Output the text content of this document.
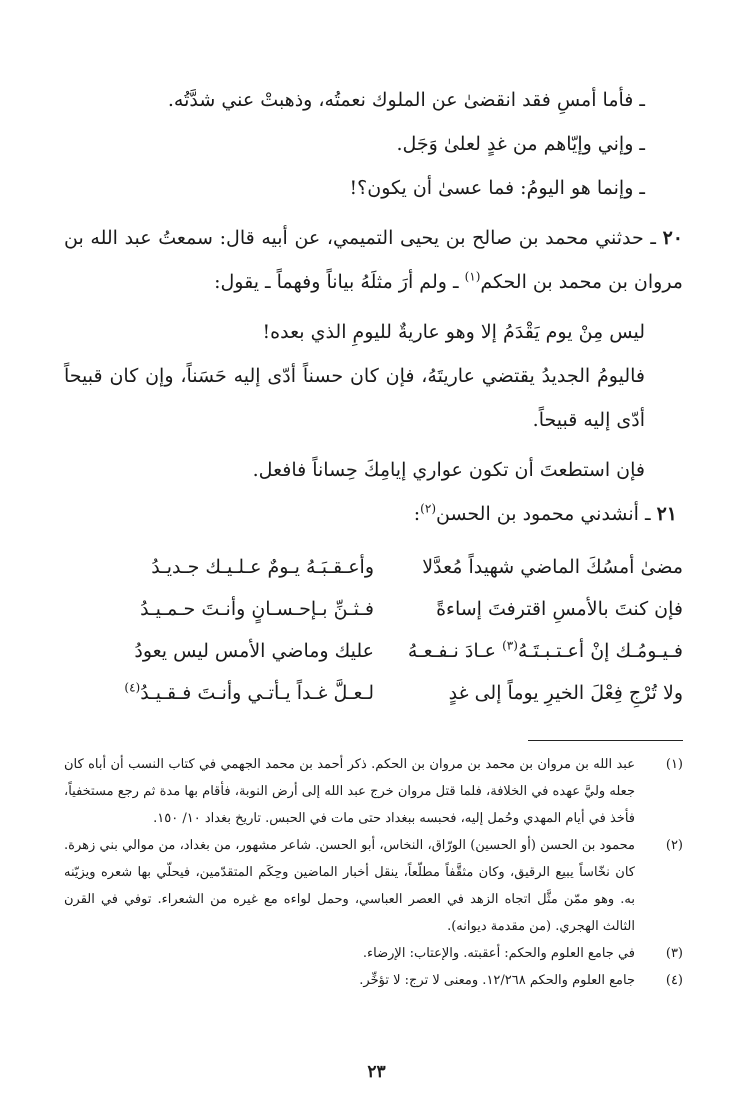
ـ فأما أمسِ فقد انقضىٰ عن الملوك نعمتُه، وذهبتْ عني شدَّتُه.
ـ وإني وإيّاهم من غدٍ لعلىٰ وَجَل.
ـ وإنما هو اليومُ: فما عسىٰ أن يكون؟!
٢٠ ـ حدثني محمد بن صالح بن يحيى التميمي، عن أبيه قال: سمعتُ عبد الله بن مروان بن محمد بن الحكم$^{(١)}$ ـ ولم أرَ مثلَهُ بياناً وفهماً ـ يقول:
ليس مِنْ يوم يَقْدَمُ إلا وهو عاريةٌ لليومِ الذي بعده!
فاليومُ الجديدُ يقتضي عاريتَهُ، فإن كان حسناً أدّى إليه حَسَناً، وإن كان قبيحاً أدّى إليه قبيحاً.
فإن استطعتَ أن تكون عواري إيامِكَ حِساناً فافعل.
٢١ ـ أنشدني محمود بن الحسن$^{(٢)}$:
مضىٰ أمسُكَ الماضي شهيداً مُعدَّلا
وأعـقـبَـهُ يـومٌ عـلـيـك جـديـدُ
فإن كنتَ بالأمسِ اقترفتَ إساءةً
فـثـنِّ بـإحـسـانٍ وأنـتَ حـمـيـدُ
فـيـومُـك إنْ أعـتـبـتَـهُ$^{(٣)}$ عـادَ نـفـعـهُ
عليك وماضي الأمس ليس يعودُ
ولا تُرْجِ فِعْلَ الخيرِ يوماً إلى غدٍ
لـعـلَّ غـداً يـأتـي وأنـتَ فـقـيـدُ$^{(٤)}$
(١)
عبد الله بن مروان بن محمد بن مروان بن الحكم. ذكر أحمد بن محمد الجهمي في كتاب النسب أن أباه كان جعله وليَّ عهده في الخلافة، فلما قتل مروان خرج عبد الله إلى أرض النوبة، فأقام بها مدة ثم رجع مستخفياً، فأخذ في أيام المهدي وحُمل إليه، فحبسه ببغداد حتى مات في الحبس. تاريخ بغداد ١٠/ ١٥٠.
(٢)
محمود بن الحسن (أو الحسين) الورّاق، النخاس، أبو الحسن. شاعر مشهور، من بغداد، من موالي بني زهرة. كان نخّاساً يبيع الرقيق، وكان مثقَّفاً مطلّعاً، ينقل أخبار الماضين وحِكَم المتقدّمين، فيحلّي بها شعره ويزيّنه به. وهو ممّن مثَّل اتجاه الزهد في العصر العباسي، وحمل لواءه مع غيره من الشعراء. توفي في القرن الثالث الهجري. (من مقدمة ديوانه).
(٣)
في جامع العلوم والحكم: أعقبته. والإعتاب: الإرضاء.
(٤)
جامع العلوم والحكم ١٢/٢٦٨. ومعنى لا ترج: لا تؤخِّر.
٢٣
